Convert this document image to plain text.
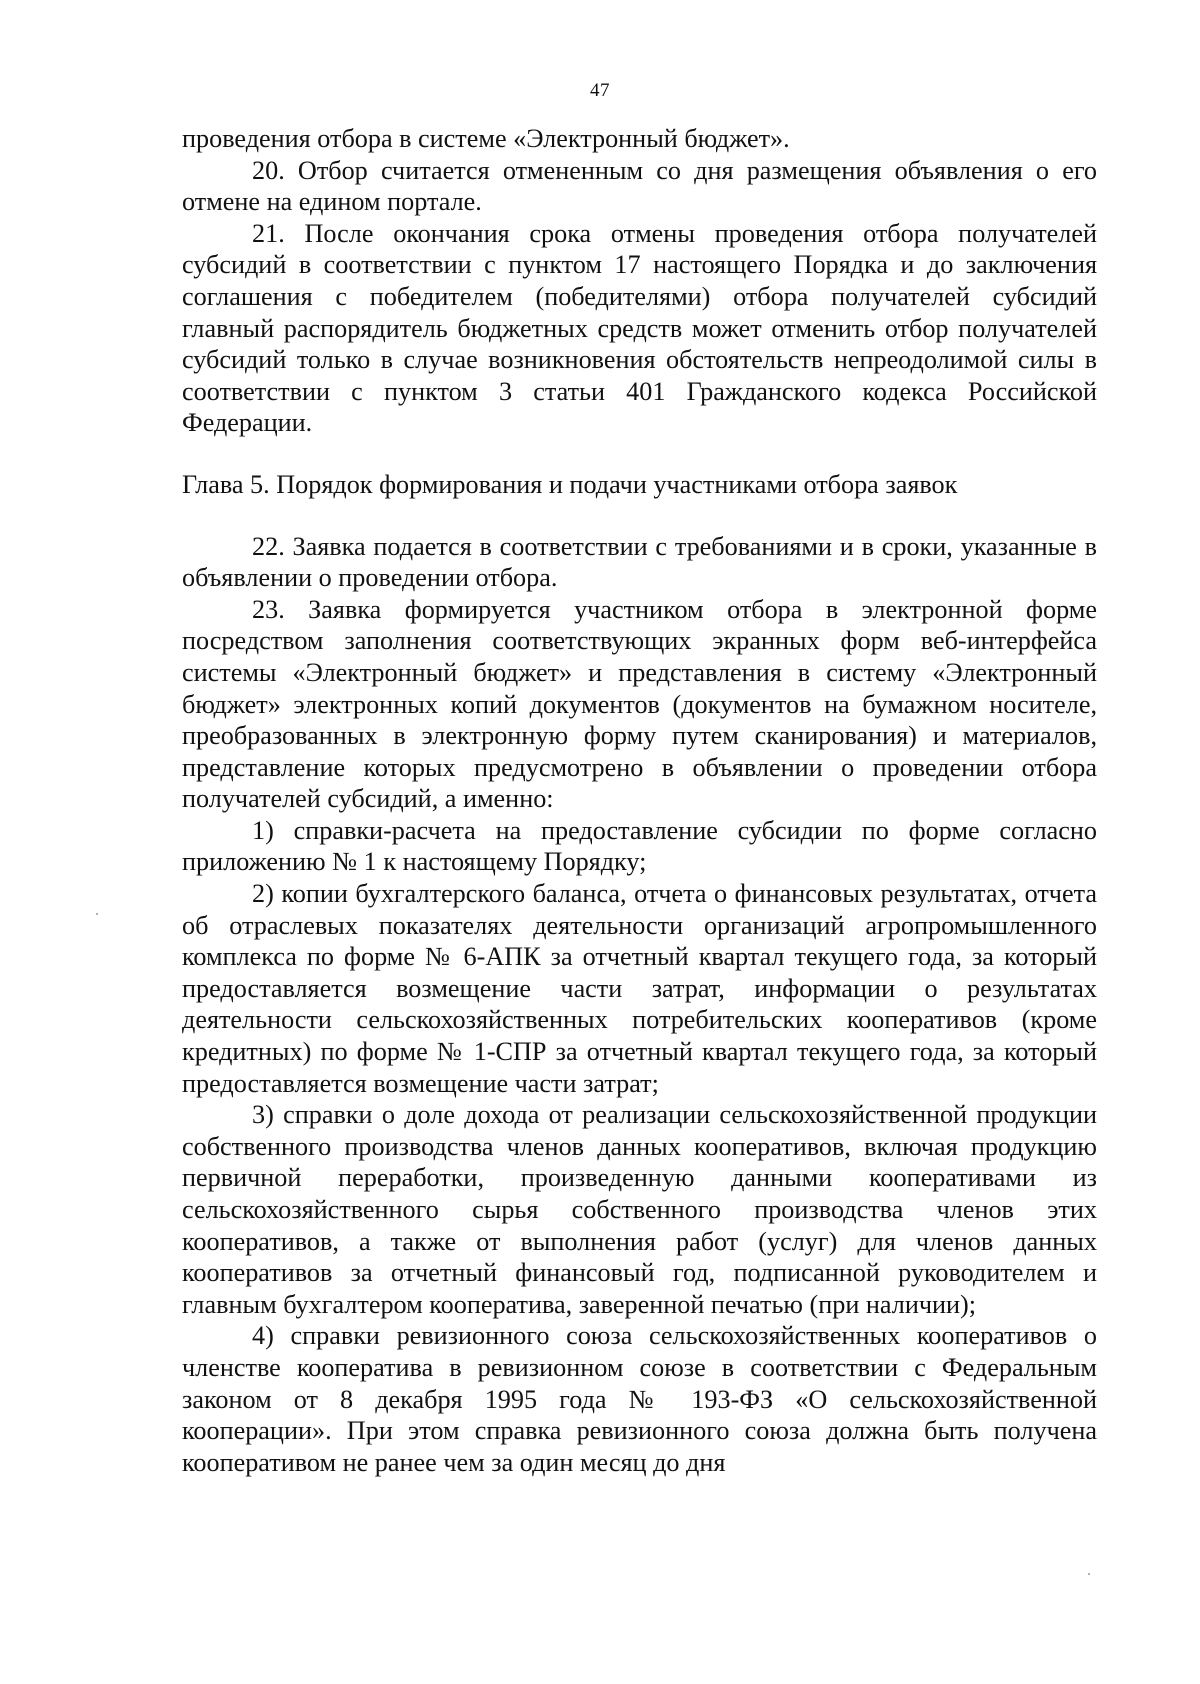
47

проведения отбора в системе «Электронный бюджет».

20. Отбор считается отмененным со дня размещения объявления о его отмене на едином портале.

21. После окончания срока отмены проведения отбора получателей субсидий в соответствии с пунктом 17 настоящего Порядка и до заключения соглашения с победителем (победителями) отбора получателей субсидий главный распорядитель бюджетных средств может отменить отбор получателей субсидий только в случае возникновения обстоятельств непреодолимой силы в соответствии с пунктом 3 статьи 401 Гражданского кодекса Российской Федерации.

Глава 5. Порядок формирования и подачи участниками отбора заявок

22. Заявка подается в соответствии с требованиями и в сроки, указанные в объявлении о проведении отбора.

23. Заявка формируется участником отбора в электронной форме посредством заполнения соответствующих экранных форм веб-интерфейса системы «Электронный бюджет» и представления в систему «Электронный бюджет» электронных копий документов (документов на бумажном носителе, преобразованных в электронную форму путем сканирования) и материалов, представление которых предусмотрено в объявлении о проведении отбора получателей субсидий, а именно:

1) справки-расчета на предоставление субсидии по форме согласно приложению № 1 к настоящему Порядку;

2) копии бухгалтерского баланса, отчета о финансовых результатах, отчета об отраслевых показателях деятельности организаций агропромышленного комплекса по форме № 6-АПК за отчетный квартал текущего года, за который предоставляется возмещение части затрат, информации о результатах деятельности сельскохозяйственных потребительских кооперативов (кроме кредитных) по форме № 1-СПР за отчетный квартал текущего года, за который предоставляется возмещение части затрат;

3) справки о доле дохода от реализации сельскохозяйственной продукции собственного производства членов данных кооперативов, включая продукцию первичной переработки, произведенную данными кооперативами из сельскохозяйственного сырья собственного производства членов этих кооперативов, а также от выполнения работ (услуг) для членов данных кооперативов за отчетный финансовый год, подписанной руководителем и главным бухгалтером кооператива, заверенной печатью (при наличии);

4) справки ревизионного союза сельскохозяйственных кооперативов о членстве кооператива в ревизионном союзе в соответствии с Федеральным законом от 8 декабря 1995 года № 193-ФЗ «О сельскохозяйственной кооперации». При этом справка ревизионного союза должна быть получена кооперативом не ранее чем за один месяц до дня
